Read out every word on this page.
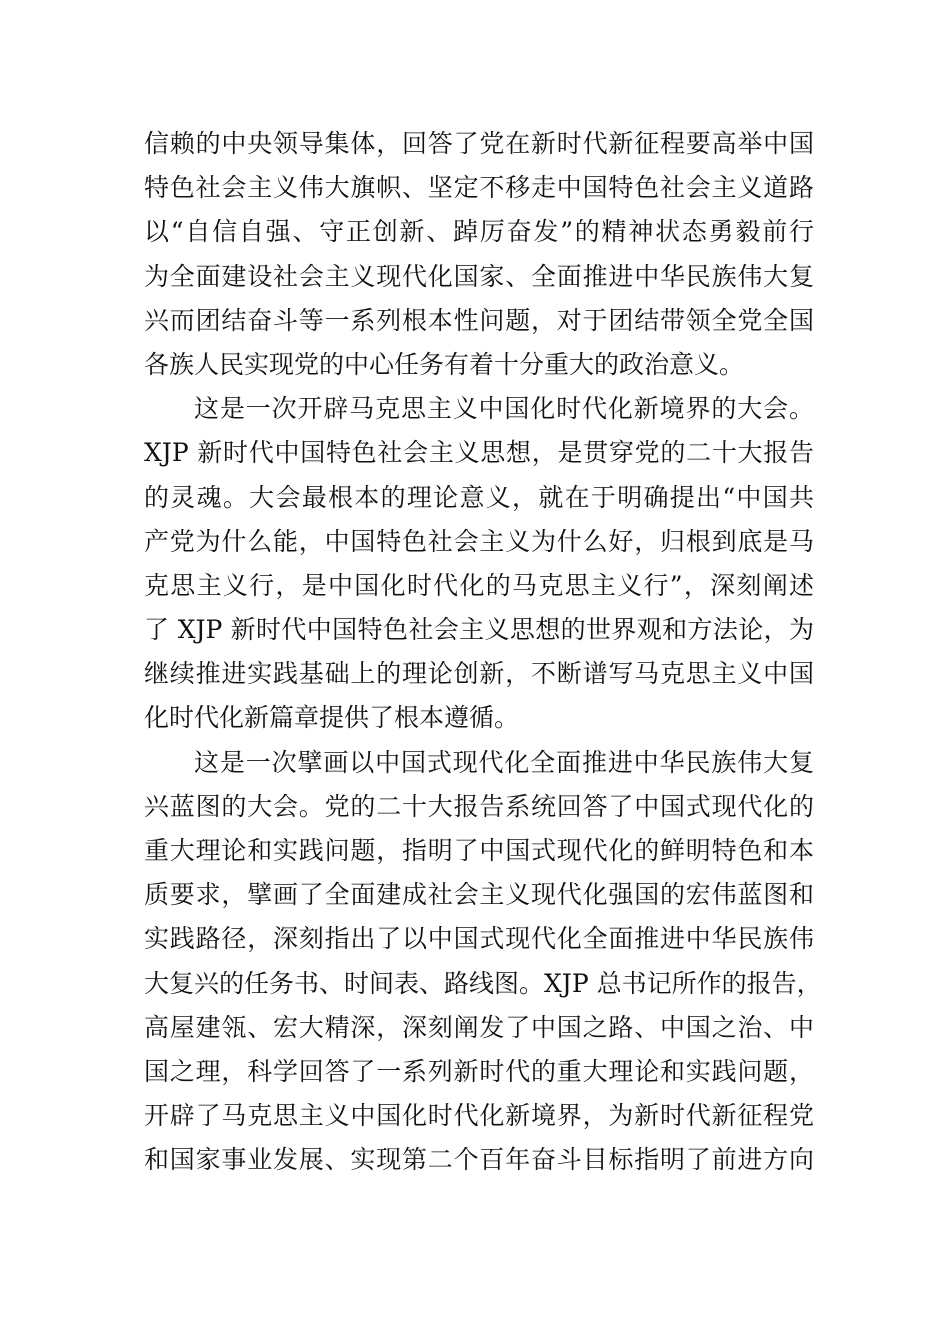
信赖的中央领导集体，回答了党在新时代新征程要高举中国
特色社会主义伟大旗帜、坚定不移走中国特色社会主义道路
以“自信自强、守正创新、踔厉奋发”的精神状态勇毅前行
为全面建设社会主义现代化国家、全面推进中华民族伟大复
兴而团结奋斗等一系列根本性问题，对于团结带领全党全国
各族人民实现党的中心任务有着十分重大的政治意义。
这是一次开辟马克思主义中国化时代化新境界的大会。
XJP 新时代中国特色社会主义思想，是贯穿党的二十大报告
的灵魂。大会最根本的理论意义，就在于明确提出“中国共
产党为什么能，中国特色社会主义为什么好，归根到底是马
克思主义行，是中国化时代化的马克思主义行”，深刻阐述
了 XJP 新时代中国特色社会主义思想的世界观和方法论，为
继续推进实践基础上的理论创新，不断谱写马克思主义中国
化时代化新篇章提供了根本遵循。
这是一次擘画以中国式现代化全面推进中华民族伟大复
兴蓝图的大会。党的二十大报告系统回答了中国式现代化的
重大理论和实践问题，指明了中国式现代化的鲜明特色和本
质要求，擘画了全面建成社会主义现代化强国的宏伟蓝图和
实践路径，深刻指出了以中国式现代化全面推进中华民族伟
大复兴的任务书、时间表、路线图。XJP 总书记所作的报告，
高屋建瓴、宏大精深，深刻阐发了中国之路、中国之治、中
国之理，科学回答了一系列新时代的重大理论和实践问题，
开辟了马克思主义中国化时代化新境界，为新时代新征程党
和国家事业发展、实现第二个百年奋斗目标指明了前进方向
